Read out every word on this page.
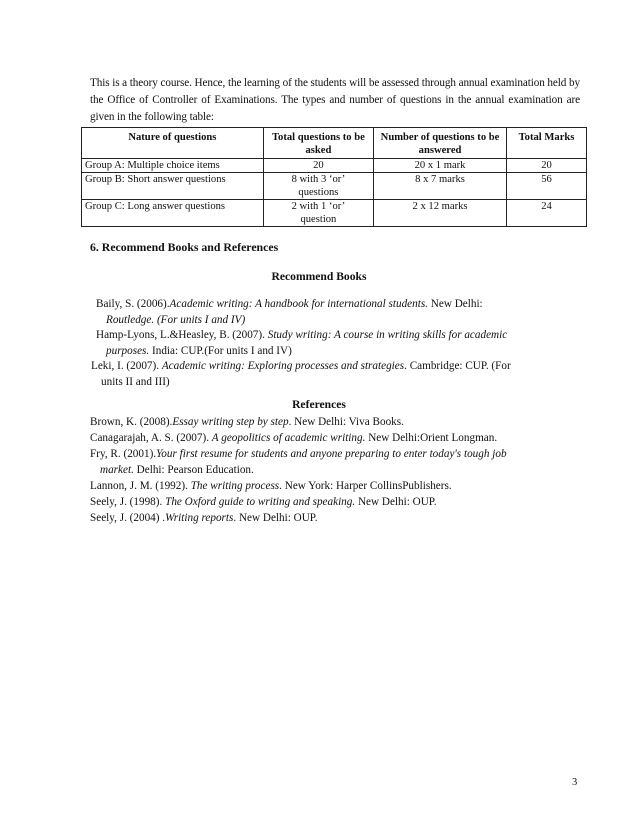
This is a theory course. Hence, the learning of the students will be assessed through annual examination held by the Office of Controller of Examinations. The types and number of questions in the annual examination are given in the following table:

Nature of questions	Total questions to be asked	Number of questions to be answered	Total Marks
Group A: Multiple choice items	20	20 x 1 mark	20
Group B: Short answer questions	8 with 3 ‘or’ questions	8 x 7 marks	56
Group C: Long answer questions	2 with 1 ‘or’ question	2 x 12 marks	24
6. Recommend Books and References
Recommend Books
Baily, S. (2006).Academic writing: A handbook for international students. New Delhi:
Routledge. (For units I and IV)
Hamp-Lyons, L.&Heasley, B. (2007). Study writing: A course in writing skills for academic
purposes. India: CUP.(For units I and IV)
Leki, I. (2007). Academic writing: Exploring processes and strategies. Cambridge: CUP. (For
units II and III)
References
Brown, K. (2008).Essay writing step by step. New Delhi: Viva Books.
Canagarajah, A. S. (2007). A geopolitics of academic writing. New Delhi:Orient Longman.
Fry, R. (2001).Your first resume for students and anyone preparing to enter today's tough job
market. Delhi: Pearson Education.
Lannon, J. M. (1992). The writing process. New York: Harper CollinsPublishers.
Seely, J. (1998). The Oxford guide to writing and speaking. New Delhi: OUP.
Seely, J. (2004) .Writing reports. New Delhi: OUP.
3
